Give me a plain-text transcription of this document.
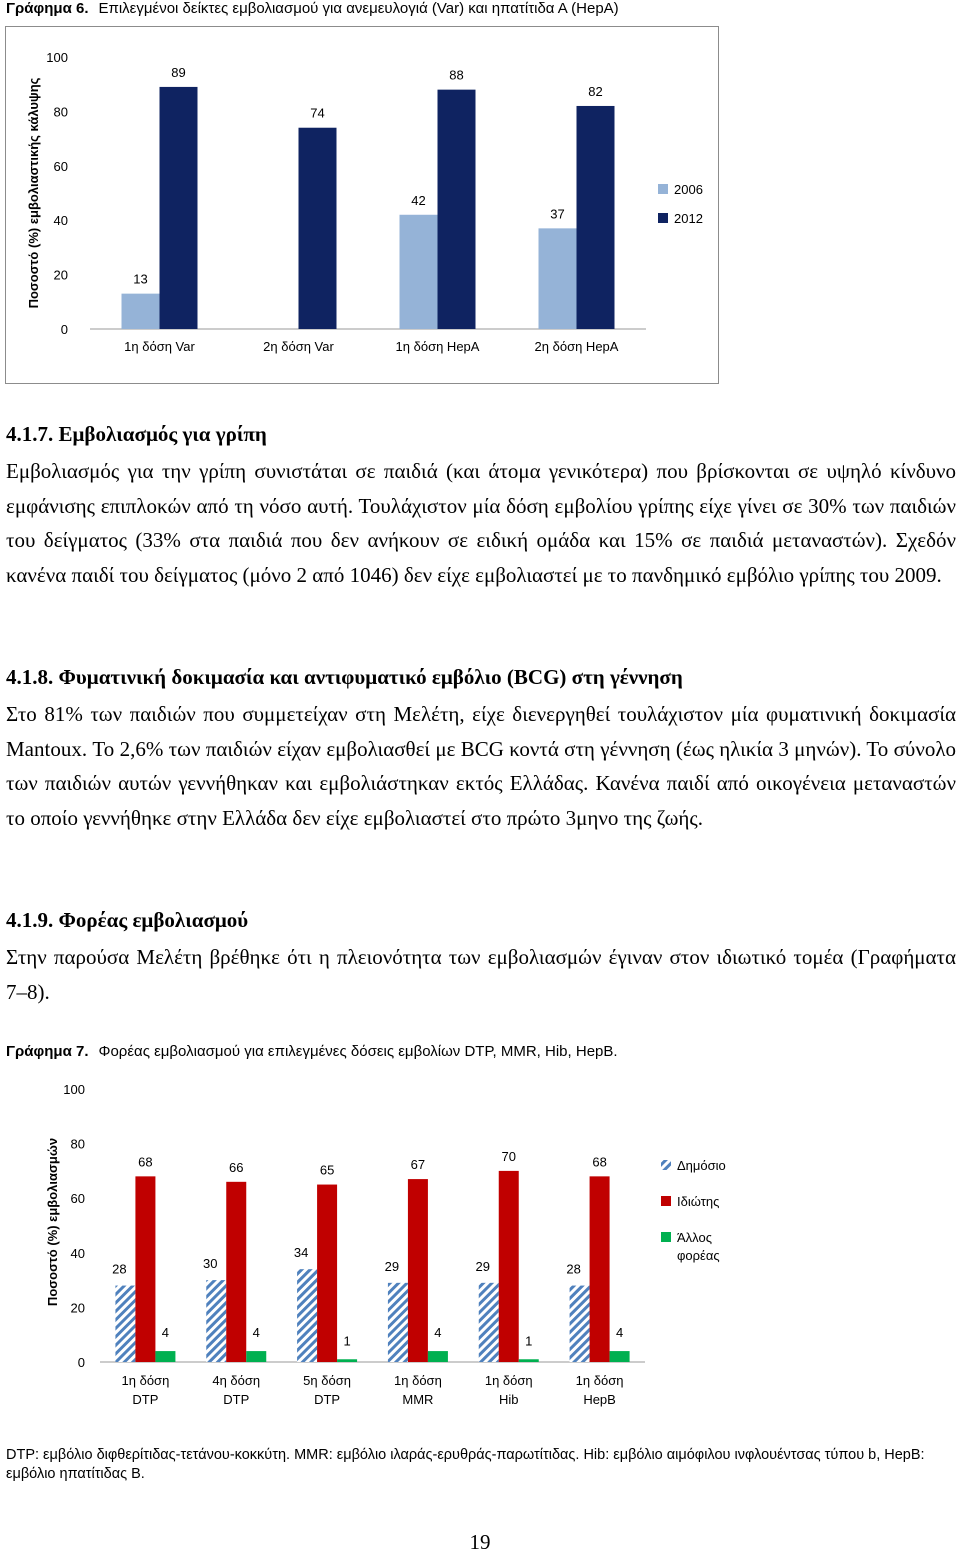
Γράφημα 6. Επιλεγμένοι δείκτες εμβολιασμού για ανεμευλογιά (Var) και ηπατίτιδα Α (HepA)
Ποσοστό (%) εμβολιαστικής κάλυψης
0
20
40
60
80
100
13
89
1η δόση Var
74
2η δόση Var
42
88
1η δόση HepA
37
82
2η δόση HepA
2006
2012
4.1.7. Εμβολιασμός για γρίπη
Εμβολιασμός για την γρίπη συνιστάται σε παιδιά (και άτομα γενικότερα) που βρίσκονται σε υψηλό κίνδυνο εμφάνισης επιπλοκών από τη νόσο αυτή. Τουλάχιστον μία δόση εμβολίου γρίπης είχε γίνει σε 30% των παιδιών του δείγματος (33% στα παιδιά που δεν ανήκουν σε ειδική ομάδα και 15% σε παιδιά μεταναστών). Σχεδόν κανένα παιδί του δείγματος (μόνο 2 από 1046) δεν είχε εμβολιαστεί με το πανδημικό εμβόλιο γρίπης του 2009.
4.1.8. Φυματινική δοκιμασία και αντιφυματικό εμβόλιο (BCG) στη γέννηση
Στο 81% των παιδιών που συμμετείχαν στη Μελέτη, είχε διενεργηθεί τουλάχιστον μία φυματινική δοκιμασία Mantoux. Το 2,6% των παιδιών είχαν εμβολιασθεί με BCG κοντά στη γέννηση (έως ηλικία 3 μηνών). Το σύνολο των παιδιών αυτών γεννήθηκαν και εμβολιάστηκαν εκτός Ελλάδας. Κανένα παιδί από οικογένεια μεταναστών το οποίο γεννήθηκε στην Ελλάδα δεν είχε εμβολιαστεί στο πρώτο 3μηνο της ζωής.
4.1.9. Φορέας εμβολιασμού
Στην παρούσα Μελέτη βρέθηκε ότι η πλειονότητα των εμβολιασμών έγιναν στον ιδιωτικό τομέα (Γραφήματα 7–8).
Γράφημα 7. Φορέας εμβολιασμού για επιλεγμένες δόσεις εμβολίων DTP, MMR, Hib, HepB.
Ποσοστό (%) εμβολιασμών
0
20
40
60
80
100
28
68
4
1η δόση
DTP
30
66
4
4η δόση
DTP
34
65
1
5η δόση
DTP
29
67
4
1η δόση
MMR
29
70
1
1η δόση
Hib
28
68
4
1η δόση
HepB
Δημόσιο
Ιδιώτης
Άλλος
φορέας
DTP: εμβόλιο διφθερίτιδας-τετάνου-κοκκύτη. MMR: εμβόλιο ιλαράς-ερυθράς-παρωτίτιδας. Hib: εμβόλιο αιμόφιλου ινφλουέντσας τύπου b, HepB: εμβόλιο ηπατίτιδας B.
19
